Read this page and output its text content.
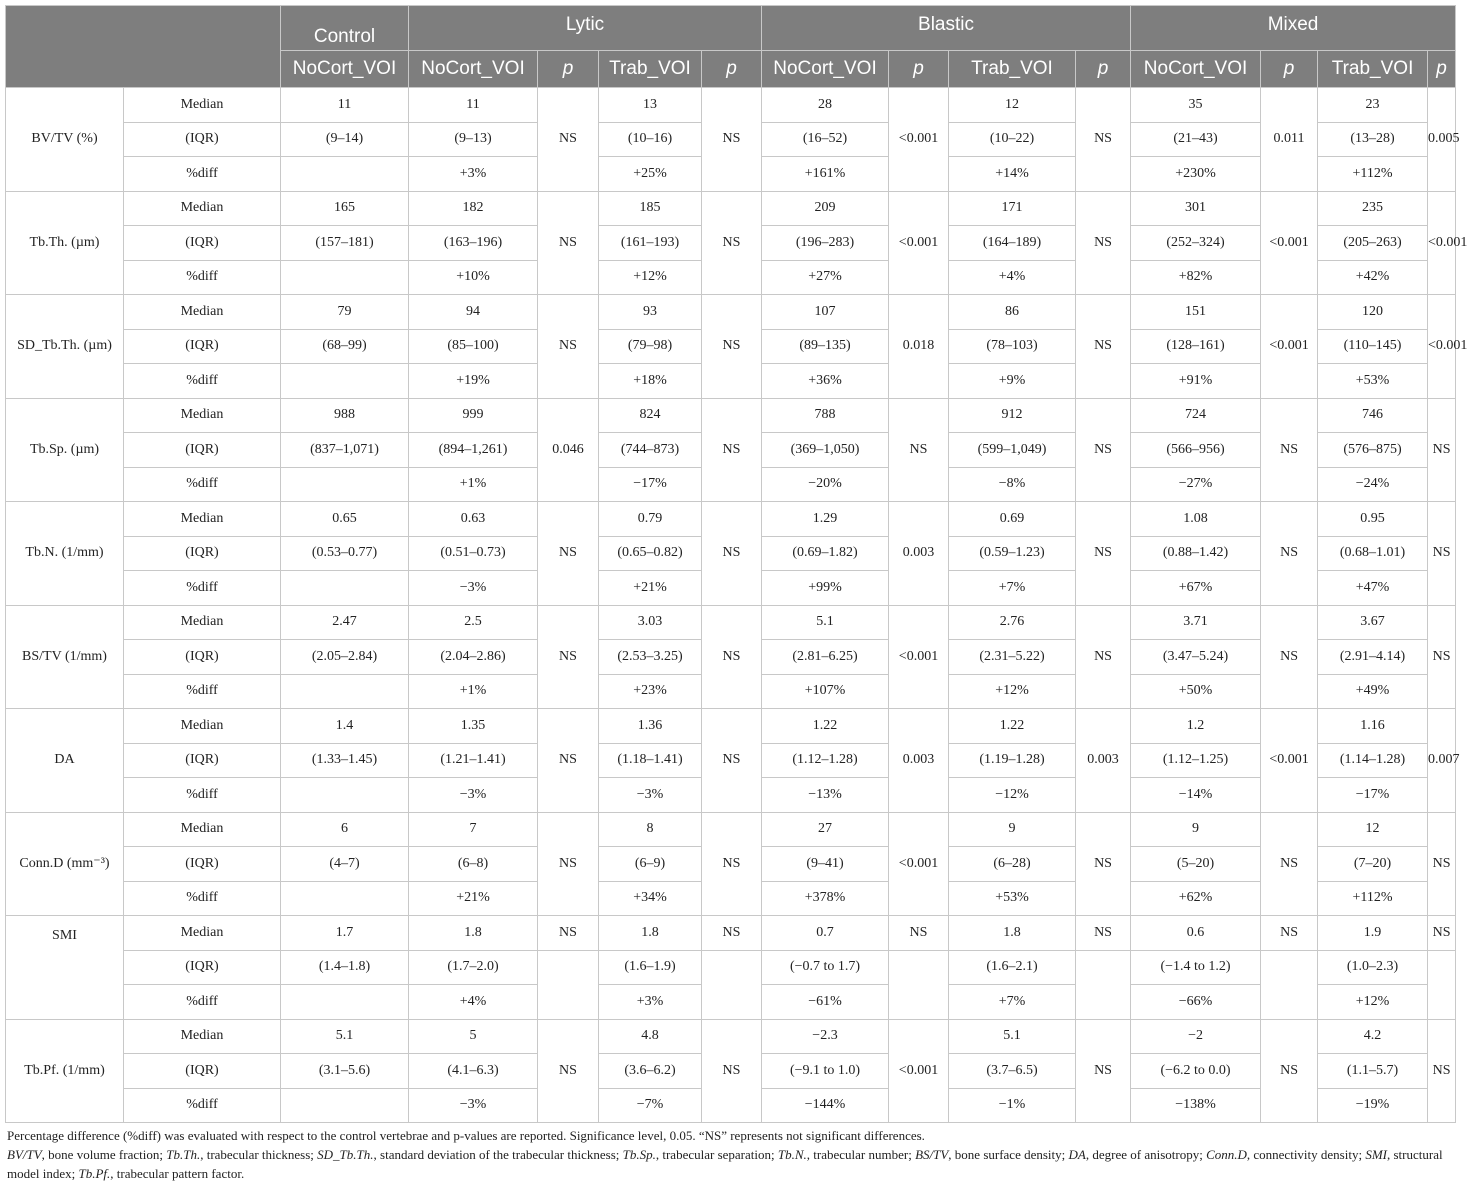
		Control	Lytic				Blastic				Mixed			
		NoCort_VOI	NoCort_VOI	p	Trab_VOI	p	NoCort_VOI	p	Trab_VOI	p	NoCort_VOI	p	Trab_VOI	p
BV/TV (%)	Median	11	11	NS	13	NS	28	<0.001	12	NS	35	0.011	23	0.005
	(IQR)	(9–14)	(9–13)		(10–16)		(16–52)		(10–22)		(21–43)		(13–28)	
	%diff		+3%		+25%		+161%		+14%		+230%		+112%	
Tb.Th. (µm)	Median	165	182	NS	185	NS	209	<0.001	171	NS	301	<0.001	235	<0.001
	(IQR)	(157–181)	(163–196)		(161–193)		(196–283)		(164–189)		(252–324)		(205–263)	
	%diff		+10%		+12%		+27%		+4%		+82%		+42%	
SD_Tb.Th. (µm)	Median	79	94	NS	93	NS	107	0.018	86	NS	151	<0.001	120	<0.001
	(IQR)	(68–99)	(85–100)		(79–98)		(89–135)		(78–103)		(128–161)		(110–145)	
	%diff		+19%		+18%		+36%		+9%		+91%		+53%	
Tb.Sp. (µm)	Median	988	999	0.046	824	NS	788	NS	912	NS	724	NS	746	NS
	(IQR)	(837–1,071)	(894–1,261)		(744–873)		(369–1,050)		(599–1,049)		(566–956)		(576–875)	
	%diff		+1%		−17%		−20%		−8%		−27%		−24%	
Tb.N. (1/mm)	Median	0.65	0.63	NS	0.79	NS	1.29	0.003	0.69	NS	1.08	NS	0.95	NS
	(IQR)	(0.53–0.77)	(0.51–0.73)		(0.65–0.82)		(0.69–1.82)		(0.59–1.23)		(0.88–1.42)		(0.68–1.01)	
	%diff		−3%		+21%		+99%		+7%		+67%		+47%	
BS/TV (1/mm)	Median	2.47	2.5	NS	3.03	NS	5.1	<0.001	2.76	NS	3.71	NS	3.67	NS
	(IQR)	(2.05–2.84)	(2.04–2.86)		(2.53–3.25)		(2.81–6.25)		(2.31–5.22)		(3.47–5.24)		(2.91–4.14)	
	%diff		+1%		+23%		+107%		+12%		+50%		+49%	
DA	Median	1.4	1.35	NS	1.36	NS	1.22	0.003	1.22	0.003	1.2	<0.001	1.16	0.007
	(IQR)	(1.33–1.45)	(1.21–1.41)		(1.18–1.41)		(1.12–1.28)		(1.19–1.28)		(1.12–1.25)		(1.14–1.28)	
	%diff		−3%		−3%		−13%		−12%		−14%		−17%	
Conn.D (mm⁻³)	Median	6	7	NS	8	NS	27	<0.001	9	NS	9	NS	12	NS
	(IQR)	(4–7)	(6–8)		(6–9)		(9–41)		(6–28)		(5–20)		(7–20)	
	%diff		+21%		+34%		+378%		+53%		+62%		+112%	
SMI	Median	1.7	1.8	NS	1.8	NS	0.7	NS	1.8	NS	0.6	NS	1.9	NS
	(IQR)	(1.4–1.8)	(1.7–2.0)		(1.6–1.9)		(−0.7 to 1.7)		(1.6–2.1)		(−1.4 to 1.2)		(1.0–2.3)	
	%diff		+4%		+3%		−61%		+7%		−66%		+12%	
Tb.Pf. (1/mm)	Median	5.1	5	NS	4.8	NS	−2.3	<0.001	5.1	NS	−2	NS	4.2	NS
	(IQR)	(3.1–5.6)	(4.1–6.3)		(3.6–6.2)		(−9.1 to 1.0)		(3.7–6.5)		(−6.2 to 0.0)		(1.1–5.7)	
	%diff		−3%		−7%		−144%		−1%		−138%		−19%	
Percentage difference (%diff) was evaluated with respect to the control vertebrae and p-values are reported. Significance level, 0.05. “NS” represents not significant differences.
BV/TV, bone volume fraction; Tb.Th., trabecular thickness; SD_Tb.Th., standard deviation of the trabecular thickness; Tb.Sp., trabecular separation; Tb.N., trabecular number; BS/TV, bone surface density; DA, degree of anisotropy; Conn.D, connectivity density; SMI, structural model index; Tb.Pf., trabecular pattern factor.
